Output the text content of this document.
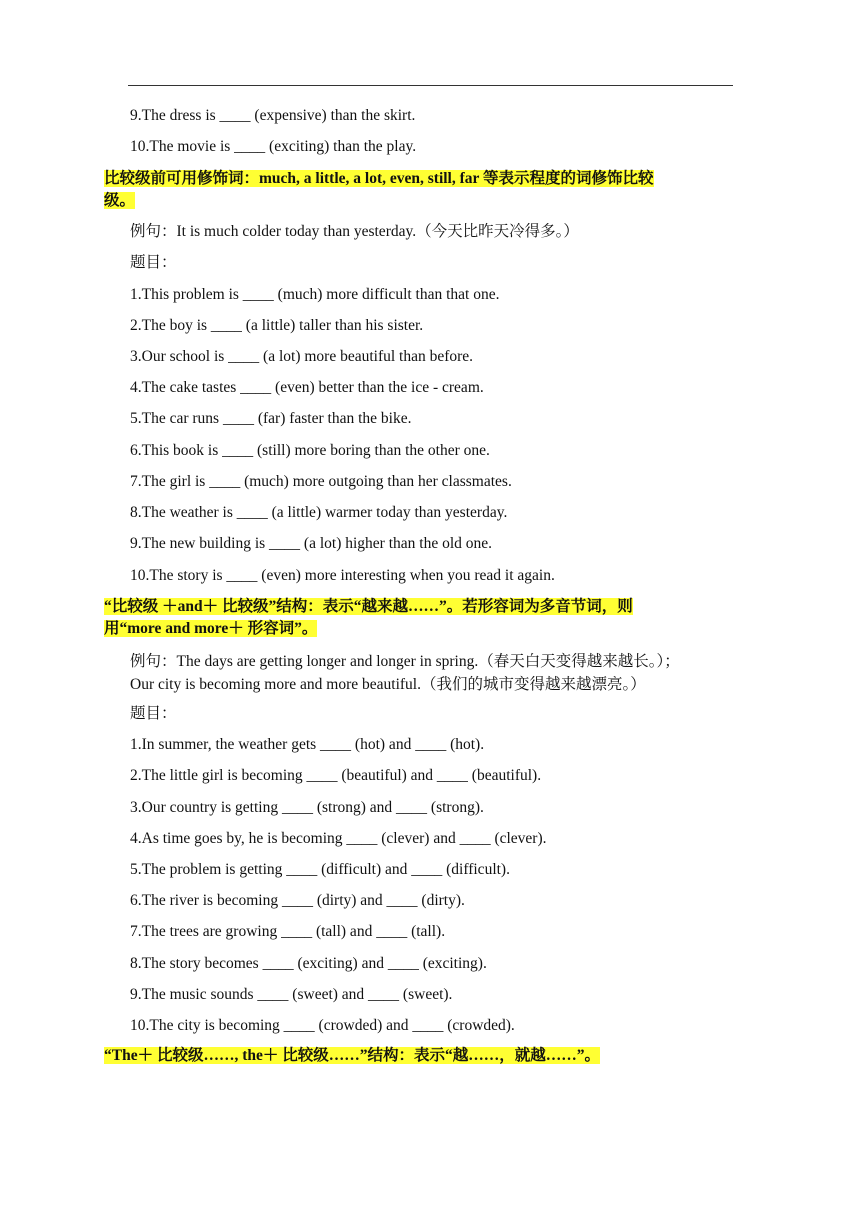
9.The dress is ____ (expensive) than the skirt.
10.The movie is ____ (exciting) than the play.
比较级前可用修饰词：much, a little, a lot, even, still, far 等表示程度的词修饰比较
级。
例句：It is much colder today than yesterday.（今天比昨天冷得多。）
题目：
1.This problem is ____ (much) more difficult than that one.
2.The boy is ____ (a little) taller than his sister.
3.Our school is ____ (a lot) more beautiful than before.
4.The cake tastes ____ (even) better than the ice - cream.
5.The car runs ____ (far) faster than the bike.
6.This book is ____ (still) more boring than the other one.
7.The girl is ____ (much) more outgoing than her classmates.
8.The weather is ____ (a little) warmer today than yesterday.
9.The new building is ____ (a lot) higher than the old one.
10.The story is ____ (even) more interesting when you read it again.
“比较级 ＋and＋ 比较级”结构：表示“越来越……”。若形容词为多音节词，则
用“more and more＋ 形容词”。
例句：The days are getting longer and longer in spring.（春天白天变得越来越长。）；
Our city is becoming more and more beautiful.（我们的城市变得越来越漂亮。）
题目：
1.In summer, the weather gets ____ (hot) and ____ (hot).
2.The little girl is becoming ____ (beautiful) and ____ (beautiful).
3.Our country is getting ____ (strong) and ____ (strong).
4.As time goes by, he is becoming ____ (clever) and ____ (clever).
5.The problem is getting ____ (difficult) and ____ (difficult).
6.The river is becoming ____ (dirty) and ____ (dirty).
7.The trees are growing ____ (tall) and ____ (tall).
8.The story becomes ____ (exciting) and ____ (exciting).
9.The music sounds ____ (sweet) and ____ (sweet).
10.The city is becoming ____ (crowded) and ____ (crowded).
“The＋ 比较级……, the＋ 比较级……”结构：表示“越……，就越……”。
